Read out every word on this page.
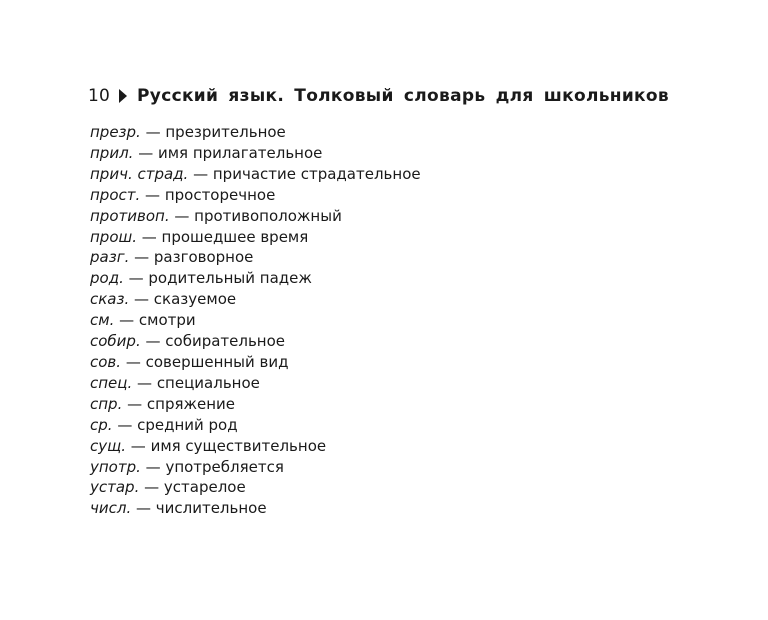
10 Русский язык. Толковый словарь для школьников
презр. — презрительное
прил. — имя прилагательное
прич. страд. — причастие страдательное
прост. — просторечное
противоп. — противоположный
прош. — прошедшее время
разг. — разговорное
род. — родительный падеж
сказ. — сказуемое
см. — смотри
собир. — собирательное
сов. — совершенный вид
спец. — специальное
спр. — спряжение
ср. — средний род
сущ. — имя существительное
употр. — употребляется
устар. — устарелое
числ. — числительное
